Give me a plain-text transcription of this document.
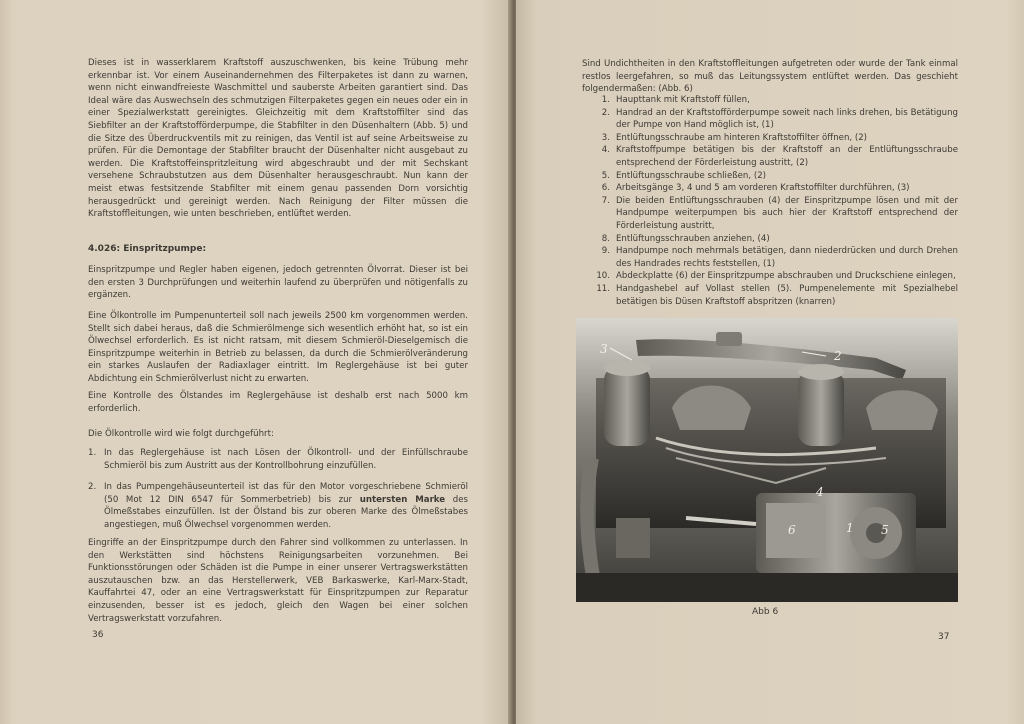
Dieses ist in wasserklarem Kraftstoff auszuschwenken, bis keine Trübung mehr erkennbar ist. Vor einem Auseinandernehmen des Filterpaketes ist dann zu warnen, wenn nicht einwandfreieste Waschmittel und sauberste Arbeiten garantiert sind. Das Ideal wäre das Auswechseln des schmutzigen Filterpaketes gegen ein neues oder ein in einer Spezialwerkstatt gereinigtes. Gleichzeitig mit dem Kraftstoffilter sind das Siebfilter an der Kraftstofförderpumpe, die Stabfilter in den Düsenhaltern (Abb. 5) und die Sitze des Überdruckventils mit zu reinigen, das Ventil ist auf seine Arbeitsweise zu prüfen. Für die Demontage der Stabfilter braucht der Düsenhalter nicht ausgebaut zu werden. Die Kraftstoffeinspritzleitung wird abgeschraubt und der mit Sechskant versehene Schraubstutzen aus dem Düsenhalter herausgeschraubt. Nun kann der meist etwas festsitzende Stabfilter mit einem genau passenden Dorn vorsichtig herausgedrückt und gereinigt werden. Nach Reinigung der Filter müssen die Kraftstoffleitungen, wie unten beschrieben, entlüftet werden.

4.026: Einspritzpumpe:

Einspritzpumpe und Regler haben eigenen, jedoch getrennten Ölvorrat. Dieser ist bei den ersten 3 Durchprüfungen und weiterhin laufend zu überprüfen und nötigenfalls zu ergänzen.

Eine Ölkontrolle im Pumpenunterteil soll nach jeweils 2500 km vorgenommen werden. Stellt sich dabei heraus, daß die Schmierölmenge sich wesentlich erhöht hat, so ist ein Ölwechsel erforderlich. Es ist nicht ratsam, mit diesem Schmieröl-Dieselgemisch die Einspritzpumpe weiterhin in Betrieb zu belassen, da durch die Schmierölveränderung ein starkes Auslaufen der Radiaxlager eintritt. Im Reglergehäuse ist bei guter Abdichtung ein Schmierölverlust nicht zu erwarten.

Eine Kontrolle des Ölstandes im Reglergehäuse ist deshalb erst nach 5000 km erforderlich.

Die Ölkontrolle wird wie folgt durchgeführt:

1. In das Reglergehäuse ist nach Lösen der Ölkontroll- und der Einfüllschraube Schmieröl bis zum Austritt aus der Kontrollbohrung einzufüllen.
2. In das Pumpengehäuseunterteil ist das für den Motor vorgeschriebene Schmieröl (50 Mot 12 DIN 6547 für Sommerbetrieb) bis zur untersten Marke des Ölmeßstabes einzufüllen. Ist der Ölstand bis zur oberen Marke des Ölmeßstabes angestiegen, muß Ölwechsel vorgenommen werden.

Eingriffe an der Einspritzpumpe durch den Fahrer sind vollkommen zu unterlassen. In den Werkstätten sind höchstens Reinigungsarbeiten vorzunehmen. Bei Funktionsstörungen oder Schäden ist die Pumpe in einer unserer Vertragswerkstätten auszutauschen bzw. an das Herstellerwerk, VEB Barkaswerke, Karl-Marx-Stadt, Kauffahrtei 47, oder an eine Vertragswerkstatt für Einspritzpumpen zur Reparatur einzusenden, besser ist es jedoch, gleich den Wagen bei einer solchen Vertragswerkstatt vorzufahren.

36

Sind Undichtheiten in den Kraftstoffleitungen aufgetreten oder wurde der Tank einmal restlos leergefahren, so muß das Leitungssystem entlüftet werden. Das geschieht folgendermaßen: (Abb. 6)

1. Haupttank mit Kraftstoff füllen,
2. Handrad an der Kraftstofförderpumpe soweit nach links drehen, bis Betätigung der Pumpe von Hand möglich ist, (1)
3. Entlüftungsschraube am hinteren Kraftstoffilter öffnen, (2)
4. Kraftstoffpumpe betätigen bis der Kraftstoff an der Entlüftungsschraube entsprechend der Förderleistung austritt, (2)
5. Entlüftungsschraube schließen, (2)
6. Arbeitsgänge 3, 4 und 5 am vorderen Kraftstoffilter durchführen, (3)
7. Die beiden Entlüftungsschrauben (4) der Einspritzpumpe lösen und mit der Handpumpe weiterpumpen bis auch hier der Kraftstoff entsprechend der Förderleistung austritt,
8. Entlüftungsschrauben anziehen, (4)
9. Handpumpe noch mehrmals betätigen, dann niederdrücken und durch Drehen des Handrades rechts feststellen, (1)
10. Abdeckplatte (6) der Einspritzpumpe abschrauben und Druckschiene einlegen,
11. Handgashebel auf Vollast stellen (5). Pumpenelemente mit Spezialhebel betätigen bis Düsen Kraftstoff abspritzen (knarren)
3	2
4
6	1 5
Abb 6
37
